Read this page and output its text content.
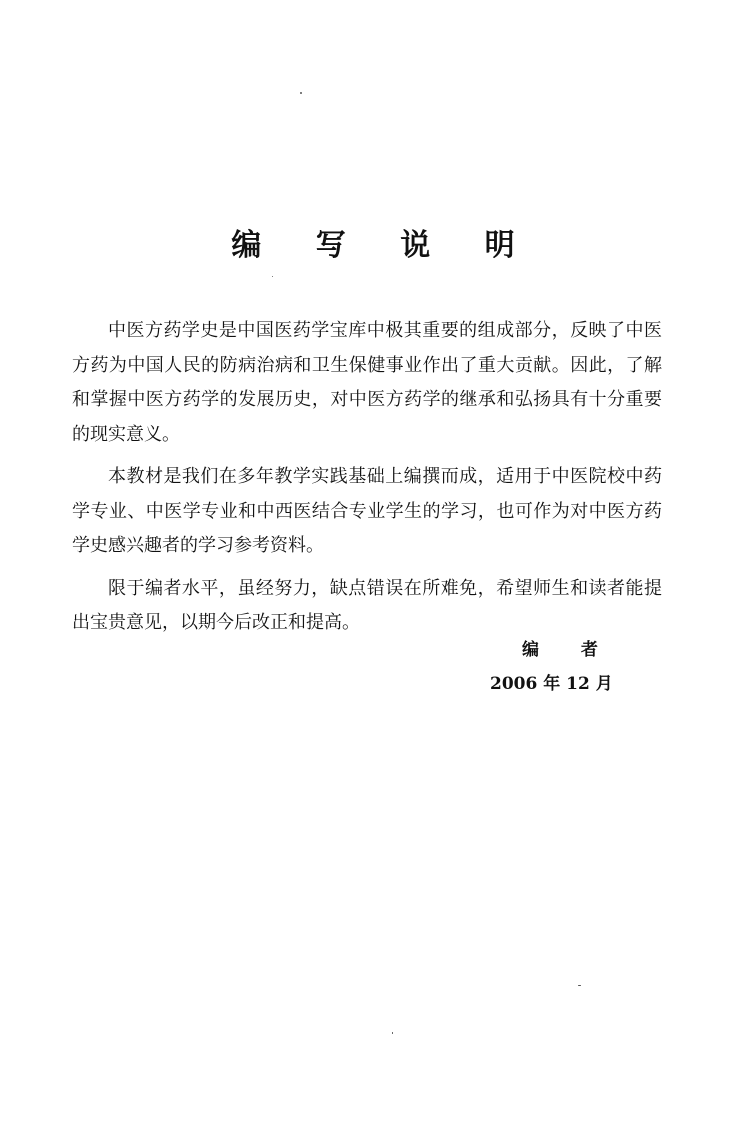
编 写 说 明

中医方药学史是中国医药学宝库中极其重要的组成部分，反映了中医方药为中国人民的防病治病和卫生保健事业作出了重大贡献。因此，了解和掌握中医方药学的发展历史，对中医方药学的继承和弘扬具有十分重要的现实意义。

本教材是我们在多年教学实践基础上编撰而成，适用于中医院校中药学专业、中医学专业和中西医结合专业学生的学习，也可作为对中医方药学史感兴趣者的学习参考资料。

限于编者水平，虽经努力，缺点错误在所难免，希望师生和读者能提出宝贵意见，以期今后改正和提高。

编 者
2006 年 12 月
